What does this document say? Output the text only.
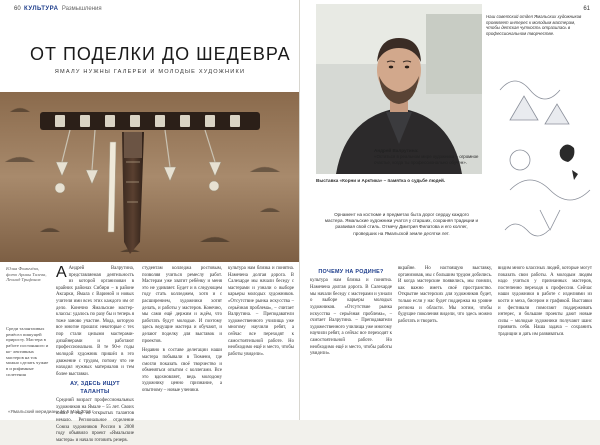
60 КУЛЬТУРА Размышления
ОТ ПОДЕЛКИ ДО ШЕДЕВРА
ЯМАЛУ НУЖНЫ ГАЛЕРЕИ И МОЛОДЫЕ ХУДОЖНИКИ
Юлия Фомичёва, фото Арины Тилева, Леонид Трифонов
Среди талантливых ремёсел пишущей приросту. Мастера в работе постоянного и ко- лективных мастеров на ток можно сделать чужие в и рифимные сплетения

А Андрей Валрутина, представляемая деятельность из которой организован в крайних районах Сибири – в районе Аксарки, Ямала с Вариной и новых учителя ими всех этих каждого им от дело. Конечно Ямальские мастер-классы: удалось по разу бы и теперь я тоже заново участие. Мода, которую все многие прошли: некоторые с тех пор стали целыми мастерами-дизайнерами и работают профессионально. В те 90-е годы молодой художник пришёл в это движение с трудом, потому что не находил нужных материалов и тем более выставки.

АУ, ЗДЕСЬ ИЩУТ ТАЛАНТЫ

Средний возраст профессиональных художников на Ямале – 55 лет. Своих юных и ещё не открытых талантов немало. Региональное отделение Союза художников России в 2008 году объявило проект «Ямальские мастера» и начало готовить резерв.

студентам колледжа ростовым, позволяя учиться ремеслу работ. Мастерам уже хватит ребёнку и меня это не удивляет. Будет и в следующем году стать колледжем, хотя и с расширением, художники хотят делать, и работы у мастеров. Конечно, мы сами ещё держим и ждём, что работать будут молодые. И поэтому здесь ведущие мастера и обучают, и делают поделку для выставок и проектов.

Недавно в составе делегации наши мастера побывали в Тюмени, где смогли показать своё творчество и обменяться опытом с коллегами. Все это вдохновляет, ведь молодому художнику ценно признание, а опытному – новые ученики.

культура нам близка и понятна. Намечена долгая дорога. В Салехарде мы начали беседу с мастерами и узнали о выборе карьеры молодых художников. «Отсутствие рынка искусства – серьёзная проблема», – считает Валрутина. – Преподаватели художественного училища уже многому научили ребят, а сейчас все переходят к самостоятельной работе. Но необходимо ещё и место, чтобы работы увидели».

«Ямальский меридиан» № 5 Май 2016 г.
61
Андрей Валрутина:
«Остаться в реальном мире художника – огромное счастье, когда ты профессионально обучен».
Наш советский отдел Ямальских художников проявляет интерес к молодым мастерам, чтобы детская чуткость отразилась в профессиональном творчестве.
Выставка «Корни и Арктика» – памятка о судьбе людей.
Орнамент на костюме и предметах быта дорог сердцу каждого мастера. Ямальские художники учатся у старших, сохраняя традиции и развивая свой стиль. Отмечу Дмитрия Филатова и его коллег, проведших на Ямальской земле десятки лет.
ПОЧЕМУ НА РОДИНЕ?

культура нам близка и понятна. Намечена долгая дорога. В Салехарде мы начали беседу с мастерами и узнали о выборе карьеры молодых художников. «Отсутствие рынка искусства – серьёзная проблема», – считает Валрутина. – Преподаватели художественного училища уже многому научили ребят, а сейчас все переходят к самостоятельной работе. Но необходимо ещё и место, чтобы работы увидели».

вкрайне. Но настоящую выставку, организовав, мы с большим трудом добились. И когда мастерские появились, мы поняли, как важно иметь своё пространство. Открытие мастерских для художников будет, только если у нас будет поддержка на уровне региона и области. Мы хотим, чтобы будущие поколения видели, что здесь можно работать и творить.

видим много классных людей, которые могут показать свои работы. А молодым людям надо учиться у признанных мастеров, постепенно переходя к профессии. Сейчас наши художники в работе с изделиями из кости и меха, бисером и графикой. Выставки и фестивали помогают поддерживать интерес, и большие проекты дают новые силы – молодые художники получают шанс проявить себя. Наша задача – сохранить традиции и дать им развиваться.
